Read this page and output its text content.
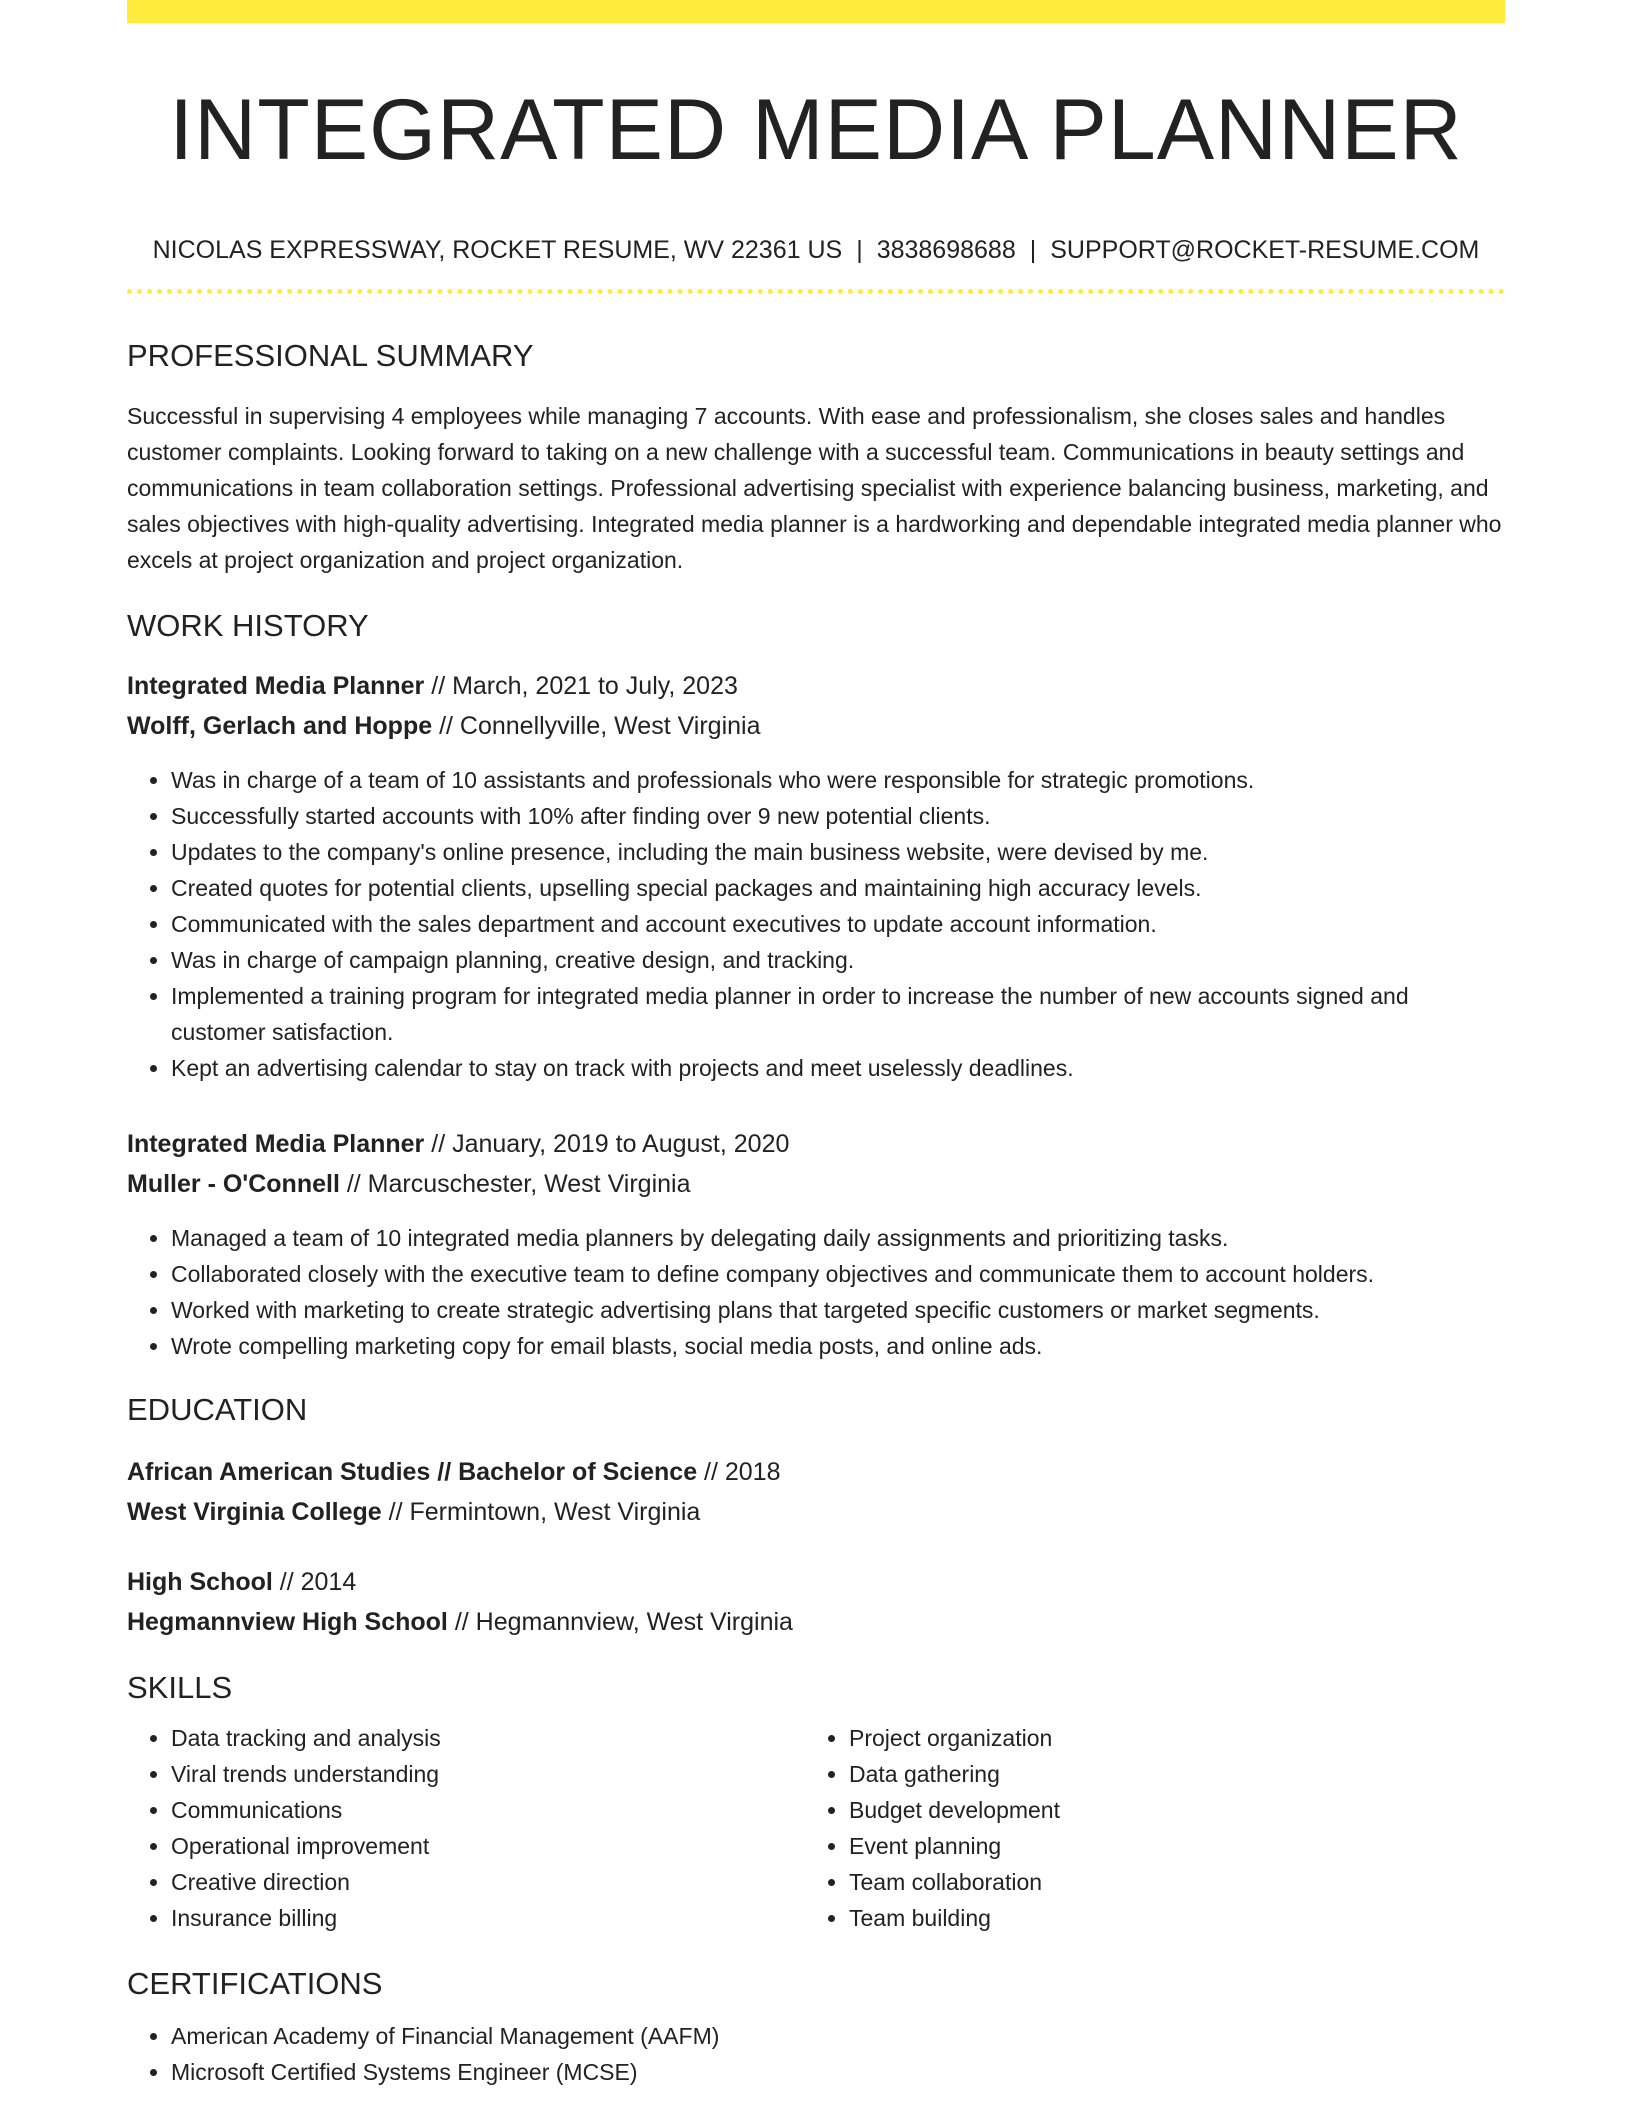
INTEGRATED MEDIA PLANNER
NICOLAS EXPRESSWAY, ROCKET RESUME, WV 22361 US | 3838698688 | SUPPORT@ROCKET-RESUME.COM
PROFESSIONAL SUMMARY
Successful in supervising 4 employees while managing 7 accounts. With ease and professionalism, she closes sales and handles customer complaints. Looking forward to taking on a new challenge with a successful team. Communications in beauty settings and communications in team collaboration settings. Professional advertising specialist with experience balancing business, marketing, and sales objectives with high-quality advertising. Integrated media planner is a hardworking and dependable integrated media planner who excels at project organization and project organization.
WORK HISTORY
Integrated Media Planner // March, 2021 to July, 2023
Wolff, Gerlach and Hoppe // Connellyville, West Virginia
• Was in charge of a team of 10 assistants and professionals who were responsible for strategic promotions.
• Successfully started accounts with 10% after finding over 9 new potential clients.
• Updates to the company's online presence, including the main business website, were devised by me.
• Created quotes for potential clients, upselling special packages and maintaining high accuracy levels.
• Communicated with the sales department and account executives to update account information.
• Was in charge of campaign planning, creative design, and tracking.
• Implemented a training program for integrated media planner in order to increase the number of new accounts signed and customer satisfaction.
• Kept an advertising calendar to stay on track with projects and meet uselessly deadlines.
Integrated Media Planner // January, 2019 to August, 2020
Muller - O'Connell // Marcuschester, West Virginia
• Managed a team of 10 integrated media planners by delegating daily assignments and prioritizing tasks.
• Collaborated closely with the executive team to define company objectives and communicate them to account holders.
• Worked with marketing to create strategic advertising plans that targeted specific customers or market segments.
• Wrote compelling marketing copy for email blasts, social media posts, and online ads.
EDUCATION
African American Studies // Bachelor of Science // 2018
West Virginia College // Fermintown, West Virginia
High School // 2014
Hegmannview High School // Hegmannview, West Virginia
SKILLS
• Data tracking and analysis
• Viral trends understanding
• Communications
• Operational improvement
• Creative direction
• Insurance billing
• Project organization
• Data gathering
• Budget development
• Event planning
• Team collaboration
• Team building
CERTIFICATIONS
• American Academy of Financial Management (AAFM)
• Microsoft Certified Systems Engineer (MCSE)
